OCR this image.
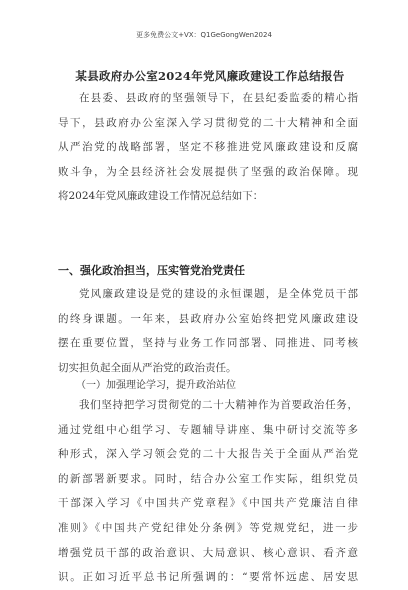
更多免费公文+VX：Q1GeGongWen2024
某县政府办公室2024年党风廉政建设工作总结报告
在县委、县政府的坚强领导下，在县纪委监委的精心指
导下，县政府办公室深入学习贯彻党的二十大精神和全面
从严治党的战略部署，坚定不移推进党风廉政建设和反腐
败斗争，为全县经济社会发展提供了坚强的政治保障。现
将2024年党风廉政建设工作情况总结如下：
一、强化政治担当，压实管党治党责任
党风廉政建设是党的建设的永恒课题，是全体党员干部
的终身课题。一年来，县政府办公室始终把党风廉政建设
摆在重要位置，坚持与业务工作同部署、同推进、同考核
切实担负起全面从严治党的政治责任。
（一）加强理论学习，提升政治站位
我们坚持把学习贯彻党的二十大精神作为首要政治任务，
通过党组中心组学习、专题辅导讲座、集中研讨交流等多
种形式，深入学习领会党的二十大报告关于全面从严治党
的新部署新要求。同时，结合办公室工作实际，组织党员
干部深入学习《中国共产党章程》《中国共产党廉洁自律
准则》《中国共产党纪律处分条例》等党规党纪，进一步
增强党员干部的政治意识、大局意识、核心意识、看齐意
识。正如习近平总书记所强调的：“要常怀远虑、居安思
